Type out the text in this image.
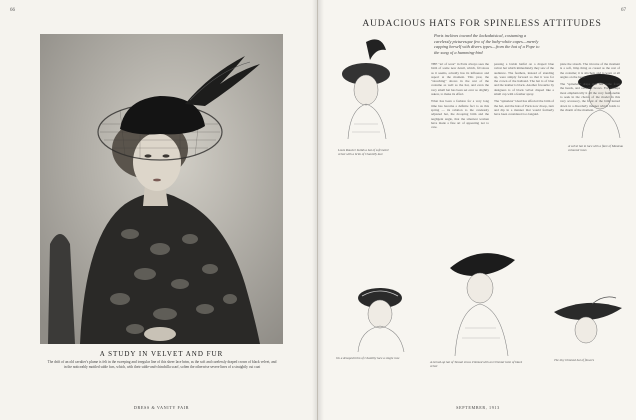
66
A STUDY IN VELVET AND FUR
The drift of an old cavalier's plume is felt in the sweeping and irregular line of this sheer lace brim, as the soft and carelessly draped crown of black velvet, and in the noticeably mottled sable furs, which, with their sable-and-chinchilla scarf, soften the otherwise severe lines of a straightly cut coat
DRESS & VANITY FAIR
67
AUDACIOUS HATS FOR SPINELESS ATTITUDES
Paris inclines toward the lackadaisical, costuming a carelessly picturesque few of the baby-white capes—merely capping herself with divers types—from the hat of a Pope to the song of a humming-bird
Louis Rouvier builds a hat of soft moiré velvet with a brim of Chantilly lace
A velvet hat in lace with a flare of Manteau coloured roses

THE "art of wear" in Paris always sees the birth of some new detail, which, frivolous as it seems, actually has its influence and aspect at the moment. This year, the "slouching" shows in the rest of the costume as well as the hat, and even the very small hat has been set ever so slightly askew, to make its effect.

What has been a fashion for a very long time has become a definite fact to us this spring — its relation to the carelessly adjusted hat, the drooping brim and the negligent angle, that the smartest women have made a fine art of appearing not to care.

passing a lavish hatful on a draped blue velvet hat which immediately they saw of the audience. The feathers, instead of standing up, were simply forward so that it was for the crown of the hatband. The hat is of blue and the leather is black. Another favourite by designers is of black velvet draped like a small cap with a feather spray.

The "spineless" ideal has affected the brim of the hat, and the hats of Paris now droop, turn and dip in a manner that would formerly have been considered too languid.

plete the slouch. The tricorne of the moment is a soft, limp thing as casual as the rest of the costume; it is stitched, and is worn at all angles on the head.

The "spineless" drape also has come from the heads, and over the brows. For perhaps most emphatically it all the very fashionable to seek in the choice of the model in this very accessory, the front of the brim turned down in a disorderly manner which holds to the charm of the moment.

On a drooped brim of Chantilly lace a single rose
A turned-up hat of Tussah straw trimmed with an Oriental twist of black velvet
The tiny trimmed hat of flowers
SEPTEMBER, 1913
